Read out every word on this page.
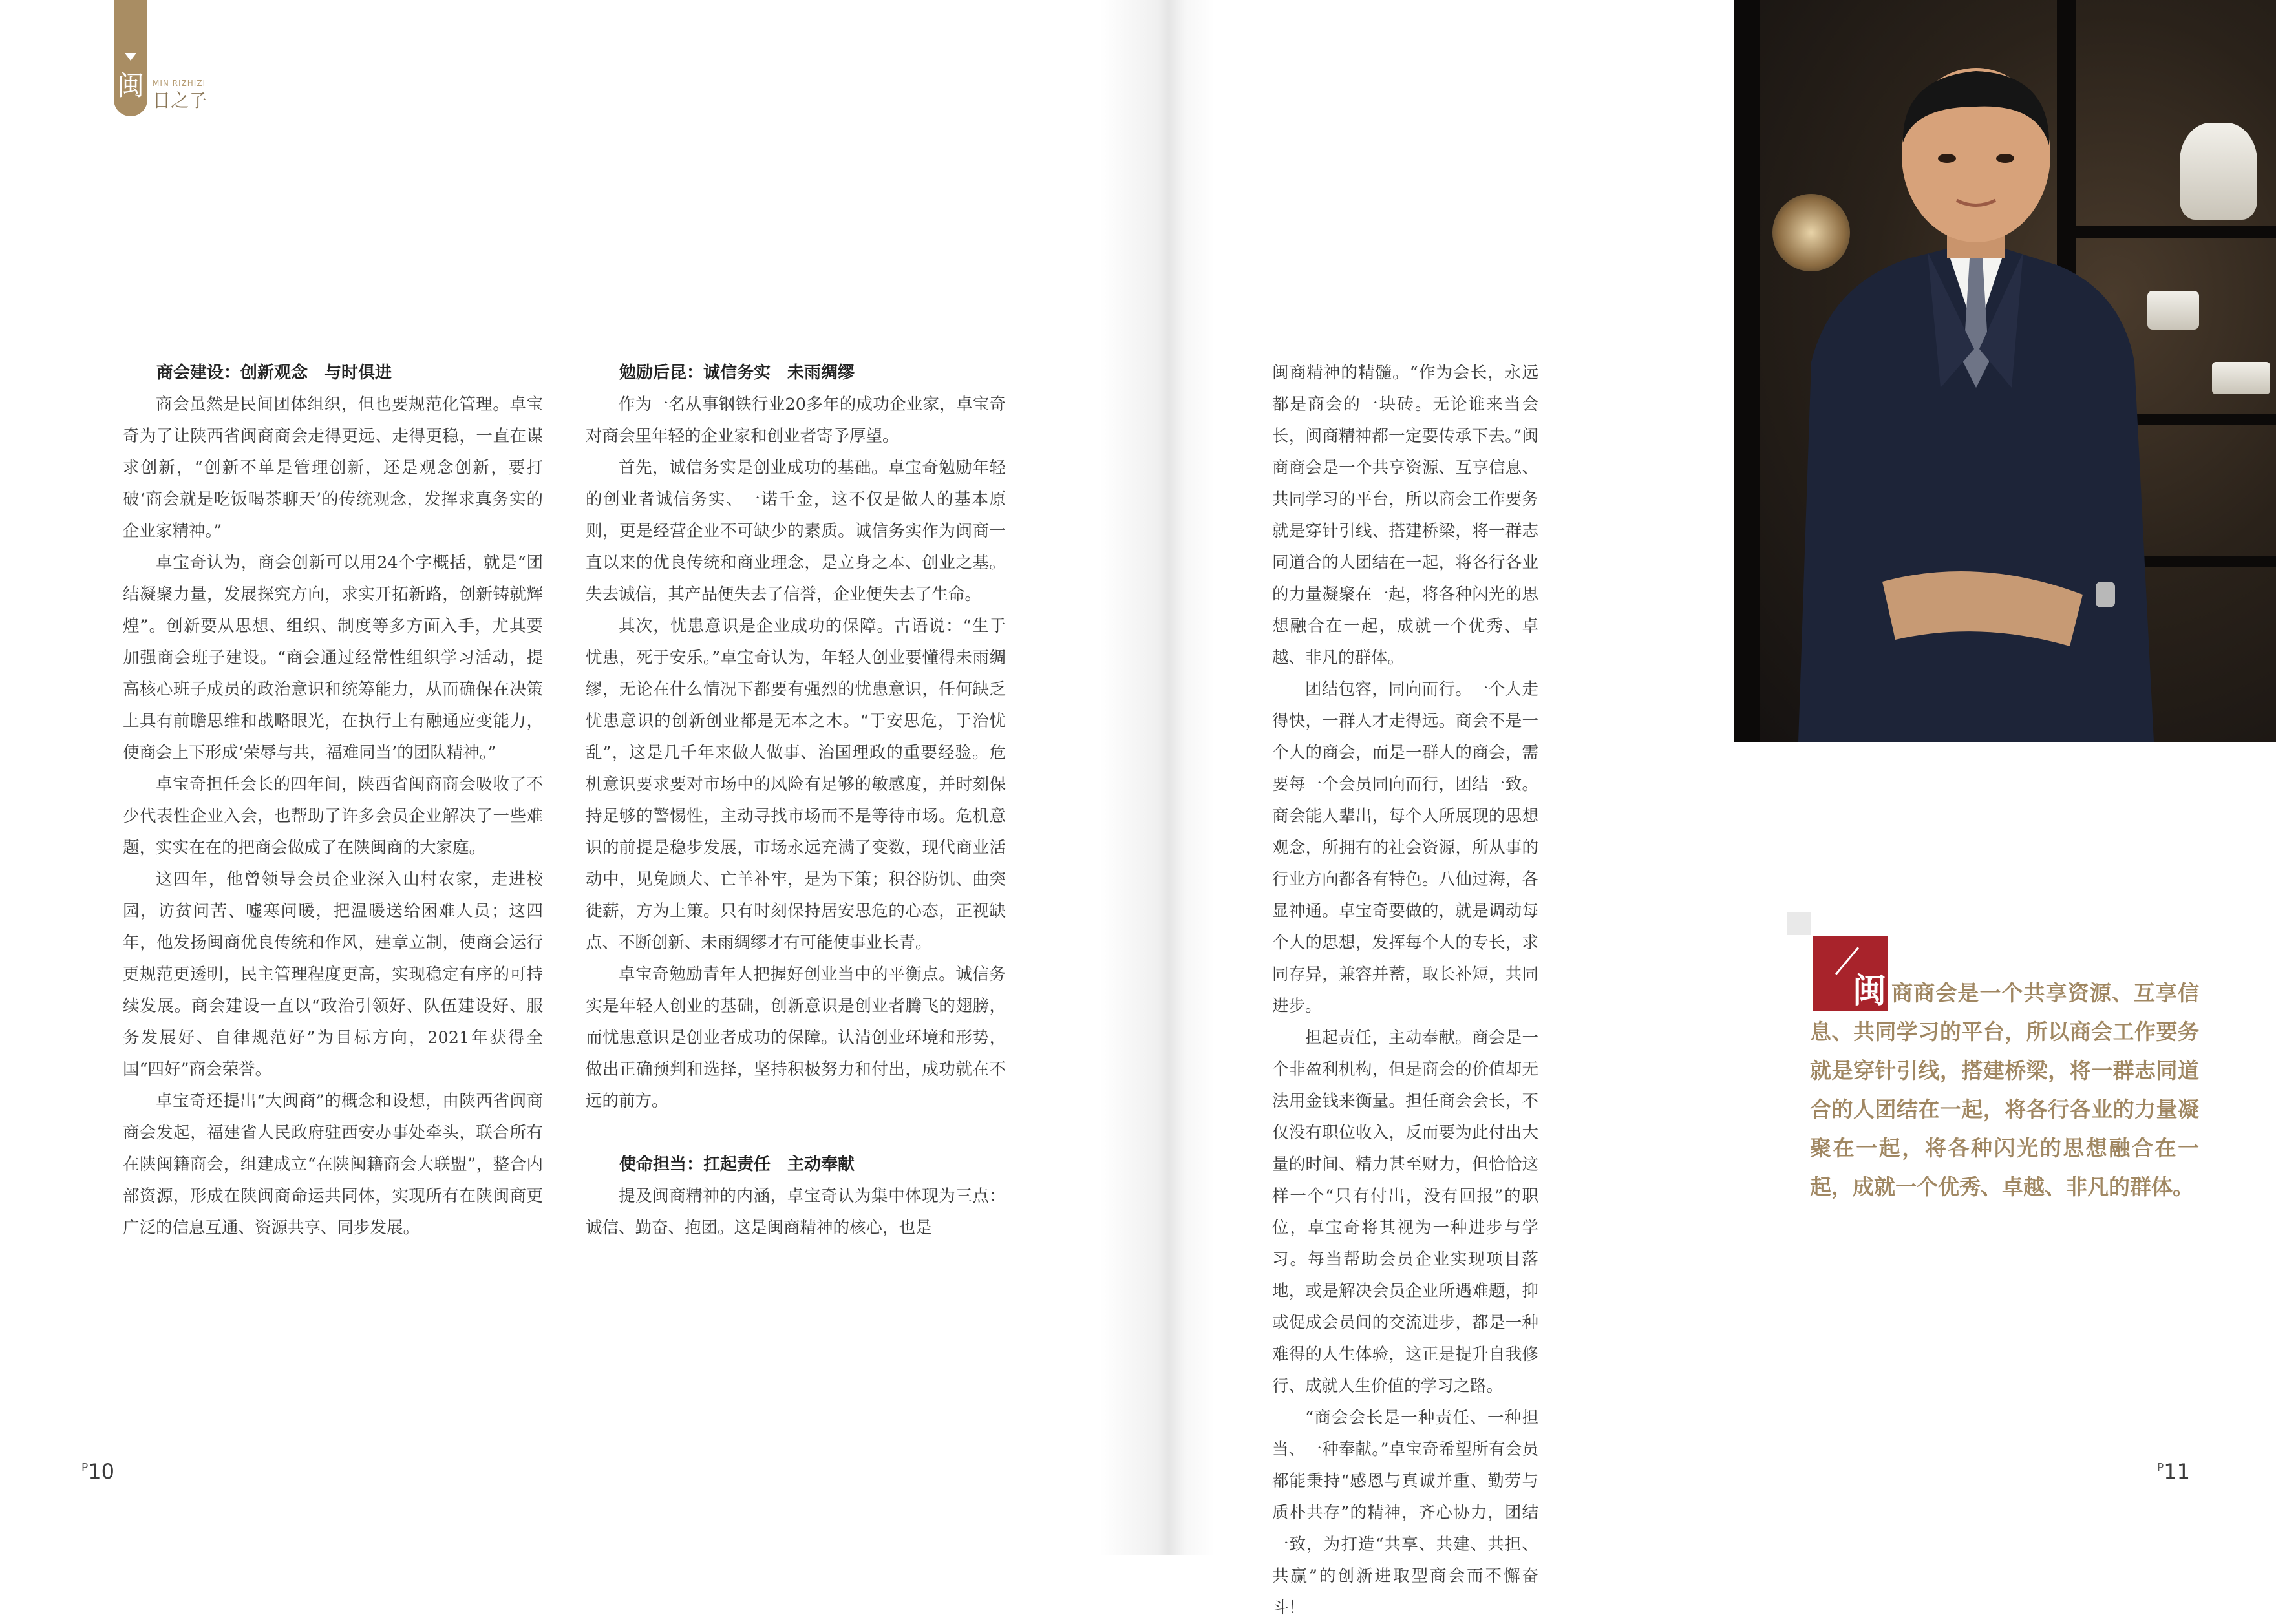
闽 MIN RIZHIZI
日之子
商会建设：创新观念　与时俱进

商会虽然是民间团体组织，但也要规范化管理。卓宝奇为了让陕西省闽商商会走得更远、走得更稳，一直在谋求创新，“创新不单是管理创新，还是观念创新，要打破‘商会就是吃饭喝茶聊天’的传统观念，发挥求真务实的企业家精神。”

卓宝奇认为，商会创新可以用24个字概括，就是“团结凝聚力量，发展探究方向，求实开拓新路，创新铸就辉煌”。创新要从思想、组织、制度等多方面入手，尤其要加强商会班子建设。“商会通过经常性组织学习活动，提高核心班子成员的政治意识和统筹能力，从而确保在决策上具有前瞻思维和战略眼光，在执行上有融通应变能力，使商会上下形成‘荣辱与共，福难同当’的团队精神。”

卓宝奇担任会长的四年间，陕西省闽商商会吸收了不少代表性企业入会，也帮助了许多会员企业解决了一些难题，实实在在的把商会做成了在陕闽商的大家庭。

这四年，他曾领导会员企业深入山村农家，走进校园，访贫问苦、嘘寒问暖，把温暖送给困难人员；这四年，他发扬闽商优良传统和作风，建章立制，使商会运行更规范更透明，民主管理程度更高，实现稳定有序的可持续发展。商会建设一直以“政治引领好、队伍建设好、服务发展好、自律规范好”为目标方向，2021年获得全国“四好”商会荣誉。

卓宝奇还提出“大闽商”的概念和设想，由陕西省闽商商会发起，福建省人民政府驻西安办事处牵头，联合所有在陕闽籍商会，组建成立“在陕闽籍商会大联盟”，整合内部资源，形成在陕闽商命运共同体，实现所有在陕闽商更广泛的信息互通、资源共享、同步发展。

勉励后昆：诚信务实　未雨绸缪

作为一名从事钢铁行业20多年的成功企业家，卓宝奇对商会里年轻的企业家和创业者寄予厚望。

首先，诚信务实是创业成功的基础。卓宝奇勉励年轻的创业者诚信务实、一诺千金，这不仅是做人的基本原则，更是经营企业不可缺少的素质。诚信务实作为闽商一直以来的优良传统和商业理念，是立身之本、创业之基。失去诚信，其产品便失去了信誉，企业便失去了生命。

其次，忧患意识是企业成功的保障。古语说：“生于忧患，死于安乐。”卓宝奇认为，年轻人创业要懂得未雨绸缪，无论在什么情况下都要有强烈的忧患意识，任何缺乏忧患意识的创新创业都是无本之木。“于安思危，于治忧乱”，这是几千年来做人做事、治国理政的重要经验。危机意识要求要对市场中的风险有足够的敏感度，并时刻保持足够的警惕性，主动寻找市场而不是等待市场。危机意识的前提是稳步发展，市场永远充满了变数，现代商业活动中，见兔顾犬、亡羊补牢，是为下策；积谷防饥、曲突徙薪，方为上策。只有时刻保持居安思危的心态，正视缺点、不断创新、未雨绸缪才有可能使事业长青。

卓宝奇勉励青年人把握好创业当中的平衡点。诚信务实是年轻人创业的基础，创新意识是创业者腾飞的翅膀，而忧患意识是创业者成功的保障。认清创业环境和形势，做出正确预判和选择，坚持积极努力和付出，成功就在不远的前方。

使命担当：扛起责任　主动奉献

提及闽商精神的内涵，卓宝奇认为集中体现为三点：诚信、勤奋、抱团。这是闽商精神的核心，也是

$^P$10

闽商精神的精髓。“作为会长，永远都是商会的一块砖。无论谁来当会长，闽商精神都一定要传承下去。”闽商商会是一个共享资源、互享信息、共同学习的平台，所以商会工作要务就是穿针引线、搭建桥梁，将一群志同道合的人团结在一起，将各行各业的力量凝聚在一起，将各种闪光的思想融合在一起，成就一个优秀、卓越、非凡的群体。

团结包容，同向而行。一个人走得快，一群人才走得远。商会不是一个人的商会，而是一群人的商会，需要每一个会员同向而行，团结一致。商会能人辈出，每个人所展现的思想观念，所拥有的社会资源，所从事的行业方向都各有特色。八仙过海，各显神通。卓宝奇要做的，就是调动每个人的思想，发挥每个人的专长，求同存异，兼容并蓄，取长补短，共同进步。

担起责任，主动奉献。商会是一个非盈利机构，但是商会的价值却无法用金钱来衡量。担任商会会长，不仅没有职位收入，反而要为此付出大量的时间、精力甚至财力，但恰恰这样一个“只有付出，没有回报”的职位，卓宝奇将其视为一种进步与学习。每当帮助会员企业实现项目落地，或是解决会员企业所遇难题，抑或促成会员间的交流进步，都是一种难得的人生体验，这正是提升自我修行、成就人生价值的学习之路。

“商会会长是一种责任、一种担当、一种奉献。”卓宝奇希望所有会员都能秉持“感恩与真诚并重、勤劳与质朴共存”的精神，齐心协力，团结一致，为打造“共享、共建、共担、共赢”的创新进取型商会而不懈奋斗！

闽 商商会是一个共享资源、互享信息、共同学习的平台，所以商会工作要务就是穿针引线，搭建桥梁，将一群志同道合的人团结在一起，将各行各业的力量凝聚在一起，将各种闪光的思想融合在一起，成就一个优秀、卓越、非凡的群体。
$^P$11
